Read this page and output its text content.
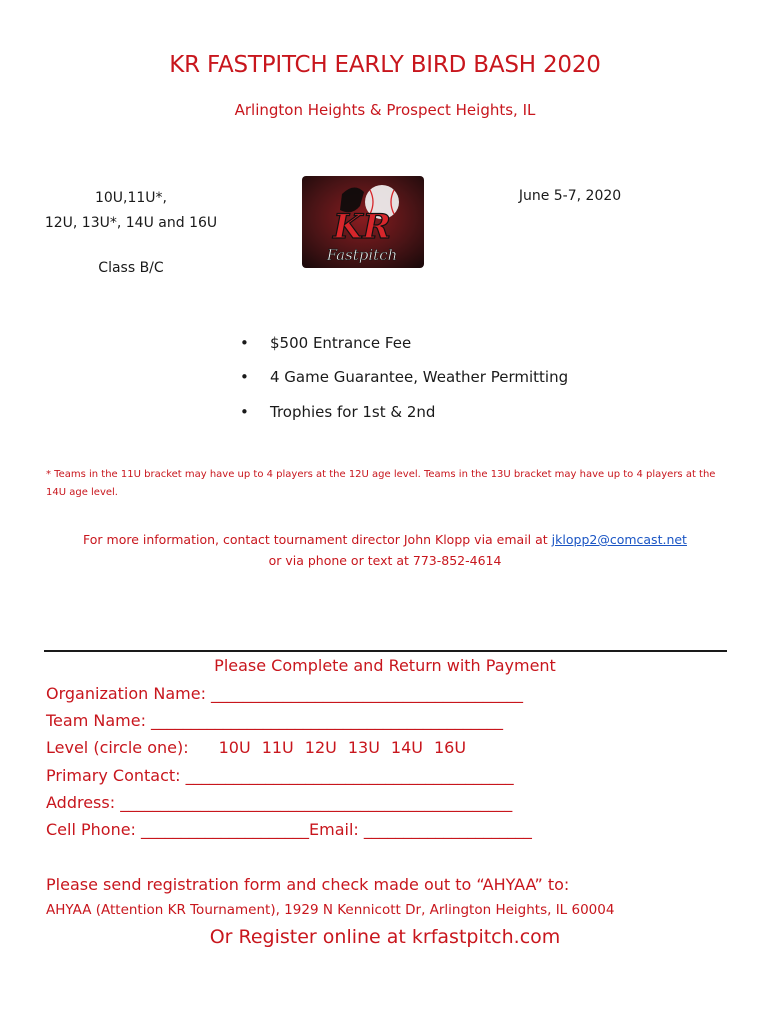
KR FASTPITCH EARLY BIRD BASH 2020
Arlington Heights & Prospect Heights, IL
10U,11U*,
12U, 13U*, 14U and 16U
Class B/C
June 5-7, 2020
KR
Fastpitch
•$500 Entrance Fee
•4 Game Guarantee, Weather Permitting
•Trophies for 1st & 2nd
* Teams in the 11U bracket may have up to 4 players at the 12U age level. Teams in the 13U bracket may have up to 4 players at the 14U age level.
For more information, contact tournament director John Klopp via email at jklopp2@comcast.net
or via phone or text at 773-852-4614
Please Complete and Return with Payment
Organization Name: _______________________________________
Team Name: ____________________________________________
Level (circle one): 10U 11U 12U 13U 14U 16U
Primary Contact: _________________________________________
Address: _________________________________________________
Cell Phone: _____________________Email: _____________________
Please send registration form and check made out to “AHYAA” to:
AHYAA (Attention KR Tournament), 1929 N Kennicott Dr, Arlington Heights, IL 60004
Or Register online at krfastpitch.com
